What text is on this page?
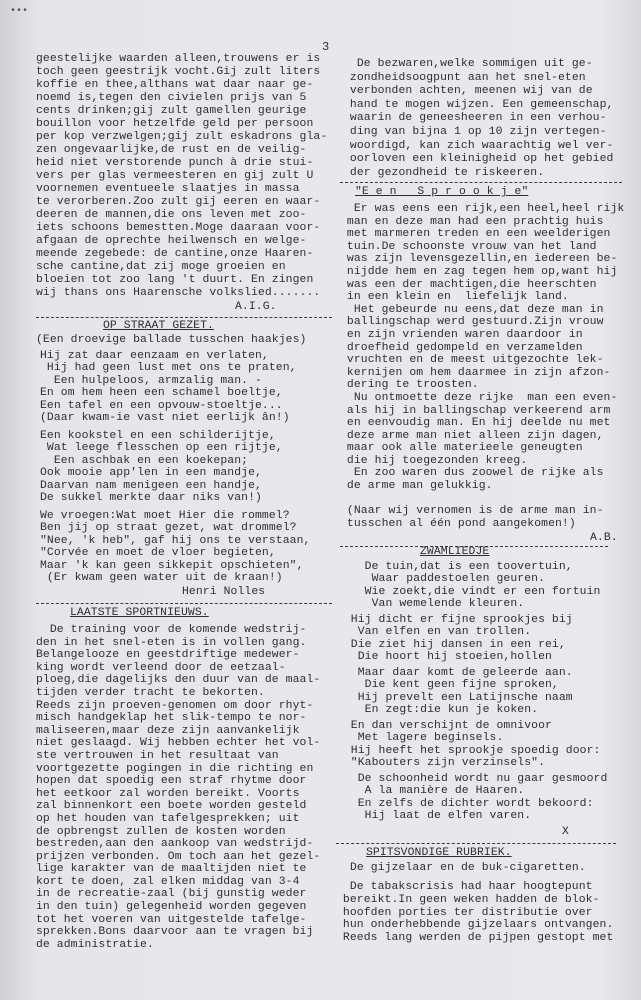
•••
3
geestelijke waarden alleen,trouwens er is
toch geen geestrijk vocht.Gij zult liters
koffie en thee,althans wat daar naar ge-
noemd is,tegen den civielen prijs van 5
cents drinken;gij zult gamellen geurige
bouillon voor hetzelfde geld per persoon
per kop verzwelgen;gij zult eskadrons gla-
zen ongevaarlijke,de rust en de veilig-
heid niet verstorende punch à drie stui-
vers per glas vermeesteren en gij zult U
voornemen eventueele slaatjes in massa
te verorberen.Zoo zult gij eeren en waar-
deeren de mannen,die ons leven met zoo-
iets schoons bemestten.Moge daaraan voor-
afgaan de oprechte heilwensch en welge-
meende zegebede: de cantine,onze Haaren-
sche cantine,dat zij moge groeien en
bloeien tot zoo lang 't duurt. En zingen
wij thans ons Haarensche volkslied.......
A.I.G.
OP STRAAT GEZET.
(Een droevige ballade tusschen haakjes)
Hij zat daar eenzaam en verlaten,
Hij had geen lust met ons te praten,
Een hulpeloos, armzalig man. -
En om hem heen een schamel boeltje,
Een tafel en een opvouw-stoeltje...
(Daar kwam-ie vast niet eerlijk ân!)
Een kookstel en een schilderijtje,
Wat leege flesschen op een rijtje,
Een aschbak en een koekepan;
Ook mooie app'len in een mandje,
Daarvan nam menigeen een handje,
De sukkel merkte daar niks van!)
We vroegen:Wat moet Hier die rommel?
Ben jij op straat gezet, wat drommel?
"Nee, 'k heb", gaf hij ons te verstaan,
"Corvée en moet de vloer begieten,
Maar 'k kan geen sikkepit opschieten",
(Er kwam geen water uit de kraan!)
Henri Nolles
LAATSTE SPORTNIEUWS.
De training voor de komende wedstrij-
den in het snel-eten is in vollen gang.
Belangelooze en geestdriftige medewer-
king wordt verleend door de eetzaal-
ploeg,die dagelijks den duur van de maal-
tijden verder tracht te bekorten.
Reeds zijn proeven-genomen om door rhyt-
misch handgeklap het slik-tempo te nor-
maliseeren,maar deze zijn aanvankelijk
niet geslaagd. Wij hebben echter het vol-
ste vertrouwen in het resultaat van
voortgezette pogingen in die richting en
hopen dat spoedig een straf rhytme door
het eetkoor zal worden bereikt. Voorts
zal binnenkort een boete worden gesteld
op het houden van tafelgesprekken; uit
de opbrengst zullen de kosten worden
bestreden,aan den aankoop van wedstrijd-
prijzen verbonden. Om toch aan het gezel-
lige karakter van de maaltijden niet te
kort te doen, zal elken middag van 3-4
in de recreatie-zaal (bij gunstig weder
in den tuin) gelegenheid worden gegeven
tot het voeren van uitgestelde tafelge-
sprekken.Bons daarvoor aan te vragen bij
de administratie.
De bezwaren,welke sommigen uit ge-
zondheidsoogpunt aan het snel-eten
verbonden achten, meenen wij van de
hand te mogen wijzen. Een gemeenschap,
waarin de geneesheeren in een verhou-
ding van bijna 1 op 10 zijn vertegen-
woordigd, kan zich waarachtig wel ver-
oorloven een kleinigheid op het gebied
der gezondheid te riskeeren.
"E e n   S p r o o k j e"
Er was eens een rijk,een heel,heel rijk
man en deze man had een prachtig huis
met marmeren treden en een weelderigen
tuin.De schoonste vrouw van het land
was zijn levensgezellin,en iedereen be-
nijdde hem en zag tegen hem op,want hij
was een der machtigen,die heerschten
in een klein en  liefelijk land.
Het gebeurde nu eens,dat deze man in
ballingschap werd gestuurd.Zijn vrouw
en zijn vrienden waren daardoor in
droefheid gedompeld en verzamelden
vruchten en de meest uitgezochte lek-
kernijen om hem daarmee in zijn afzon-
dering te troosten.
Nu ontmoette deze rijke  man een even-
als hij in ballingschap verkeerend arm
en eenvoudig man. En hij deelde nu met
deze arme man niet alleen zijn dagen,
maar ook alle materieele geneugten
die hij toegezonden kreeg.
En zoo waren dus zoowel de rijke als
de arme man gelukkig.
(Naar wij vernomen is de arme man in-
tusschen al één pond aangekomen!)
A.B.
ZWAMLIEDJE
De tuin,dat is een toovertuin,
Waar paddestoelen geuren.
Wie zoekt,die vindt er een fortuin
Van wemelende kleuren.
Hij dicht er fijne sprookjes bij
Van elfen en van trollen.
Die ziet hij dansen in een rei,
Die hoort hij stoeien,hollen
Maar daar komt de geleerde aan.
Die kent geen fijne sproken,
Hij prevelt een Latijnsche naam
En zegt:die kun je koken.
En dan verschijnt de omnivoor
Met lagere beginsels.
Hij heeft het sprookje spoedig door:
"Kabouters zijn verzinsels".
De schoonheid wordt nu gaar gesmoord
A la manière de Haaren.
En zelfs de dichter wordt bekoord:
Hij laat de elfen varen.
X
SPITSVONDIGE RUBRIEK.
De gijzelaar en de buk-cigaretten.
De tabakscrisis had haar hoogtepunt
bereikt.In geen weken hadden de blok-
hoofden porties ter distributie over
hun onderhebbende gijzelaars ontvangen.
Reeds lang werden de pijpen gestopt met
